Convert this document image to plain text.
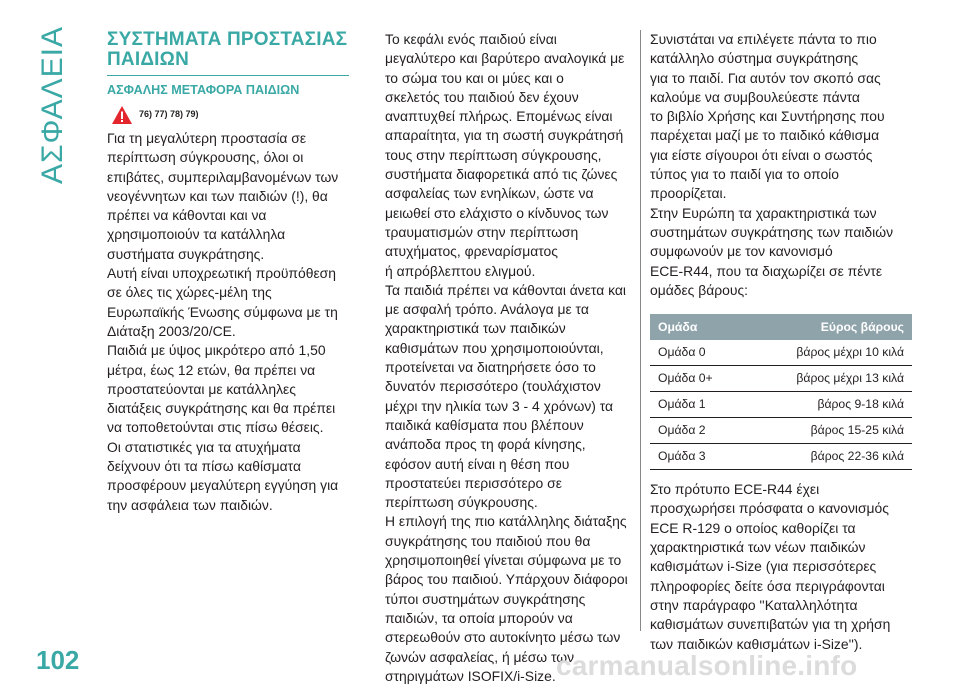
ΑΣΦΑΛΕΙΑ ΣΥΣΤΗΜΑΤΑ ΠΡΟΣΤΑΣΙΑΣ
ΠΑΙΔΙΩΝ
ΑΣΦΑΛΗΣ ΜΕΤΑΦΟΡΑ ΠΑΙΔΙΩΝ
76) 77) 78) 79)
Για τη μεγαλύτερη προστασία σε
περίπτωση σύγκρουσης, όλοι οι
επιβάτες, συμπεριλαμβανομένων των
νεογέννητων και των παιδιών (!), θα
πρέπει να κάθονται και να
χρησιμοποιούν τα κατάλληλα
συστήματα συγκράτησης.
Αυτή είναι υποχρεωτική προϋπόθεση
σε όλες τις χώρες-μέλη της
Ευρωπαϊκής Ένωσης σύμφωνα με τη
Διάταξη 2003/20/CE.
Παιδιά με ύψος μικρότερο από 1,50
μέτρα, έως 12 ετών, θα πρέπει να
προστατεύονται με κατάλληλες
διατάξεις συγκράτησης και θα πρέπει
να τοποθετούνται στις πίσω θέσεις.
Οι στατιστικές για τα ατυχήματα
δείχνουν ότι τα πίσω καθίσματα
προσφέρουν μεγαλύτερη εγγύηση για
την ασφάλεια των παιδιών.
Το κεφάλι ενός παιδιού είναι
μεγαλύτερο και βαρύτερο αναλογικά με
το σώμα του και οι μύες και ο
σκελετός του παιδιού δεν έχουν
αναπτυχθεί πλήρως. Επομένως είναι
απαραίτητα, για τη σωστή συγκράτησή
τους στην περίπτωση σύγκρουσης,
συστήματα διαφορετικά από τις ζώνες
ασφαλείας των ενηλίκων, ώστε να
μειωθεί στο ελάχιστο ο κίνδυνος των
τραυματισμών στην περίπτωση
ατυχήματος, φρεναρίσματος
ή απρόβλεπτου ελιγμού.
Τα παιδιά πρέπει να κάθονται άνετα και
με ασφαλή τρόπο. Ανάλογα με τα
χαρακτηριστικά των παιδικών
καθισμάτων που χρησιμοποιούνται,
προτείνεται να διατηρήσετε όσο το
δυνατόν περισσότερο (τουλάχιστον
μέχρι την ηλικία των 3 - 4 χρόνων) τα
παιδικά καθίσματα που βλέπουν
ανάποδα προς τη φορά κίνησης,
εφόσον αυτή είναι η θέση που
προστατεύει περισσότερο σε
περίπτωση σύγκρουσης.
Η επιλογή της πιο κατάλληλης διάταξης
συγκράτησης του παιδιού που θα
χρησιμοποιηθεί γίνεται σύμφωνα με το
βάρος του παιδιού. Υπάρχουν διάφοροι
τύποι συστημάτων συγκράτησης
παιδιών, τα οποία μπορούν να
στερεωθούν στο αυτοκίνητο μέσω των
ζωνών ασφαλείας, ή μέσω των
στηριγμάτων ISOFIX/i-Size.
Συνιστάται να επιλέγετε πάντα το πιο
κατάλληλο σύστημα συγκράτησης
για το παιδί. Για αυτόν τον σκοπό σας
καλούμε να συμβουλεύεστε πάντα
το βιβλίο Χρήσης και Συντήρησης που
παρέχεται μαζί με το παιδικό κάθισμα
για είστε σίγουροι ότι είναι ο σωστός
τύπος για το παιδί για το οποίο
προορίζεται.
Στην Ευρώπη τα χαρακτηριστικά των
συστημάτων συγκράτησης των παιδιών
συμφωνούν με τον κανονισμό
ECE-R44, που τα διαχωρίζει σε πέντε
ομάδες βάρους:
Ομάδα	Εύρος βάρους
Ομάδα 0	βάρος μέχρι 10 κιλά
Ομάδα 0+	βάρος μέχρι 13 κιλά
Ομάδα 1	βάρος 9-18 κιλά
Ομάδα 2	βάρος 15-25 κιλά
Ομάδα 3	βάρος 22-36 κιλά
Στο πρότυπο ECE-R44 έχει
προσχωρήσει πρόσφατα ο κανονισμός
ECE R-129 ο οποίος καθορίζει τα
χαρακτηριστικά των νέων παιδικών
καθισμάτων i-Size (για περισσότερες
πληροφορίες δείτε όσα περιγράφονται
στην παράγραφο ''Καταλληλότητα
καθισμάτων συνεπιβατών για τη χρήση
των παιδικών καθισμάτων i-Size'').
102	carmanualsonline.info
